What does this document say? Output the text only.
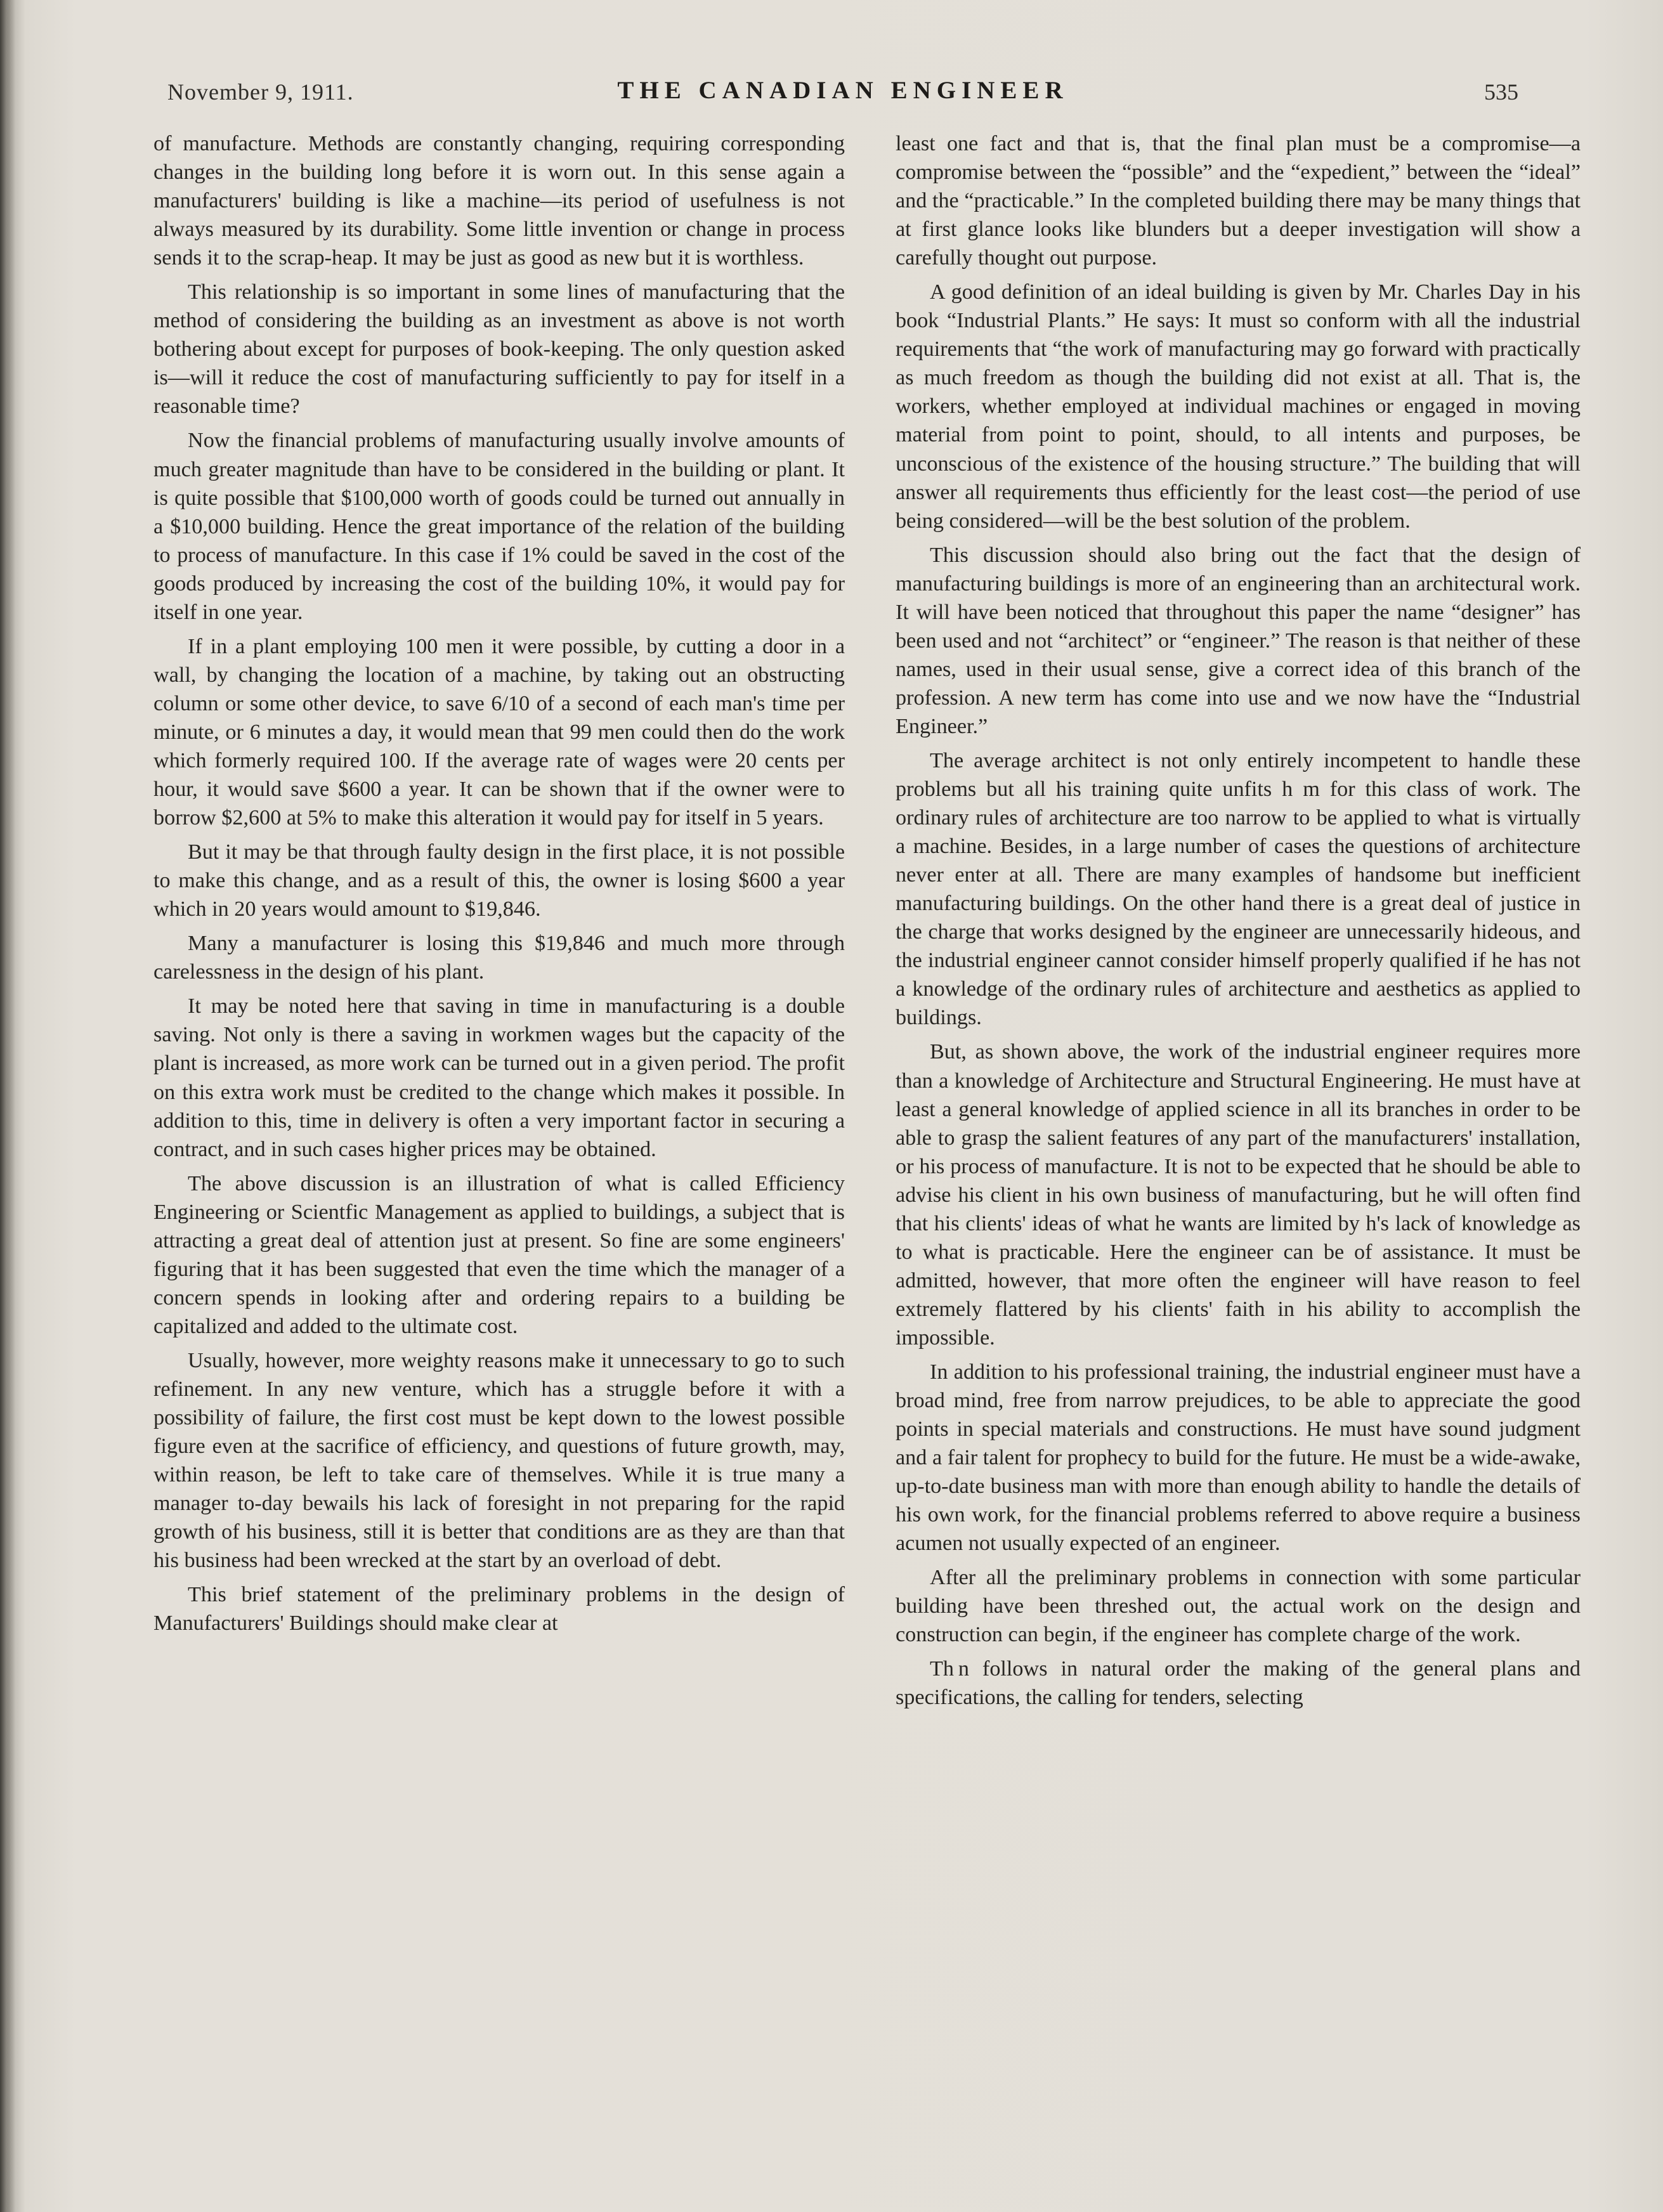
November 9, 1911.	THE CANADIAN ENGINEER	535

of manufacture. Methods are constantly changing, requiring corresponding changes in the building long before it is worn out. In this sense again a manufacturers' building is like a machine—its period of usefulness is not always measured by its durability. Some little invention or change in process sends it to the scrap-heap. It may be just as good as new but it is worthless.

This relationship is so important in some lines of manufacturing that the method of considering the building as an investment as above is not worth bothering about except for purposes of book-keeping. The only question asked is—will it reduce the cost of manufacturing sufficiently to pay for itself in a reasonable time?

Now the financial problems of manufacturing usually involve amounts of much greater magnitude than have to be considered in the building or plant. It is quite possible that $100,000 worth of goods could be turned out annually in a $10,000 building. Hence the great importance of the relation of the building to process of manufacture. In this case if 1% could be saved in the cost of the goods produced by increasing the cost of the building 10%, it would pay for itself in one year.

If in a plant employing 100 men it were possible, by cutting a door in a wall, by changing the location of a machine, by taking out an obstructing column or some other device, to save 6/10 of a second of each man's time per minute, or 6 minutes a day, it would mean that 99 men could then do the work which formerly required 100. If the average rate of wages were 20 cents per hour, it would save $600 a year. It can be shown that if the owner were to borrow $2,600 at 5% to make this alteration it would pay for itself in 5 years.

But it may be that through faulty design in the first place, it is not possible to make this change, and as a result of this, the owner is losing $600 a year which in 20 years would amount to $19,846.

Many a manufacturer is losing this $19,846 and much more through carelessness in the design of his plant.

It may be noted here that saving in time in manufacturing is a double saving. Not only is there a saving in workmen wages but the capacity of the plant is increased, as more work can be turned out in a given period. The profit on this extra work must be credited to the change which makes it possible. In addition to this, time in delivery is often a very important factor in securing a contract, and in such cases higher prices may be obtained.

The above discussion is an illustration of what is called Efficiency Engineering or Scientfic Management as applied to buildings, a subject that is attracting a great deal of attention just at present. So fine are some engineers' figuring that it has been suggested that even the time which the manager of a concern spends in looking after and ordering repairs to a building be capitalized and added to the ultimate cost.

Usually, however, more weighty reasons make it unnecessary to go to such refinement. In any new venture, which has a struggle before it with a possibility of failure, the first cost must be kept down to the lowest possible figure even at the sacrifice of efficiency, and questions of future growth, may, within reason, be left to take care of themselves. While it is true many a manager to-day bewails his lack of foresight in not preparing for the rapid growth of his business, still it is better that conditions are as they are than that his business had been wrecked at the start by an overload of debt.

This brief statement of the preliminary problems in the design of Manufacturers' Buildings should make clear at

least one fact and that is, that the final plan must be a compromise—a compromise between the “possible” and the “expedient,” between the “ideal” and the “practicable.” In the completed building there may be many things that at first glance looks like blunders but a deeper investigation will show a carefully thought out purpose.

A good definition of an ideal building is given by Mr. Charles Day in his book “Industrial Plants.” He says: It must so conform with all the industrial requirements that “the work of manufacturing may go forward with practically as much freedom as though the building did not exist at all. That is, the workers, whether employed at individual machines or engaged in moving material from point to point, should, to all intents and purposes, be unconscious of the existence of the housing structure.” The building that will answer all requirements thus efficiently for the least cost—the period of use being considered—will be the best solution of the problem.

This discussion should also bring out the fact that the design of manufacturing buildings is more of an engineering than an architectural work. It will have been noticed that throughout this paper the name “designer” has been used and not “architect” or “engineer.” The reason is that neither of these names, used in their usual sense, give a correct idea of this branch of the profession. A new term has come into use and we now have the “Industrial Engineer.”

The average architect is not only entirely incompetent to handle these problems but all his training quite unfits h m for this class of work. The ordinary rules of architecture are too narrow to be applied to what is virtually a machine. Besides, in a large number of cases the questions of architecture never enter at all. There are many examples of handsome but inefficient manufacturing buildings. On the other hand there is a great deal of justice in the charge that works designed by the engineer are unnecessarily hideous, and the industrial engineer cannot consider himself properly qualified if he has not a knowledge of the ordinary rules of architecture and aesthetics as applied to buildings.

But, as shown above, the work of the industrial engineer requires more than a knowledge of Architecture and Structural Engineering. He must have at least a general knowledge of applied science in all its branches in order to be able to grasp the salient features of any part of the manufacturers' installation, or his process of manufacture. It is not to be expected that he should be able to advise his client in his own business of manufacturing, but he will often find that his clients' ideas of what he wants are limited by h's lack of knowledge as to what is practicable. Here the engineer can be of assistance. It must be admitted, however, that more often the engineer will have reason to feel extremely flattered by his clients' faith in his ability to accomplish the impossible.

In addition to his professional training, the industrial engineer must have a broad mind, free from narrow prejudices, to be able to appreciate the good points in special materials and constructions. He must have sound judgment and a fair talent for prophecy to build for the future. He must be a wide-awake, up-to-date business man with more than enough ability to handle the details of his own work, for the financial problems referred to above require a business acumen not usually expected of an engineer.

After all the preliminary problems in connection with some particular building have been threshed out, the actual work on the design and construction can begin, if the engineer has complete charge of the work.

Th n follows in natural order the making of the general plans and specifications, the calling for tenders, selecting
